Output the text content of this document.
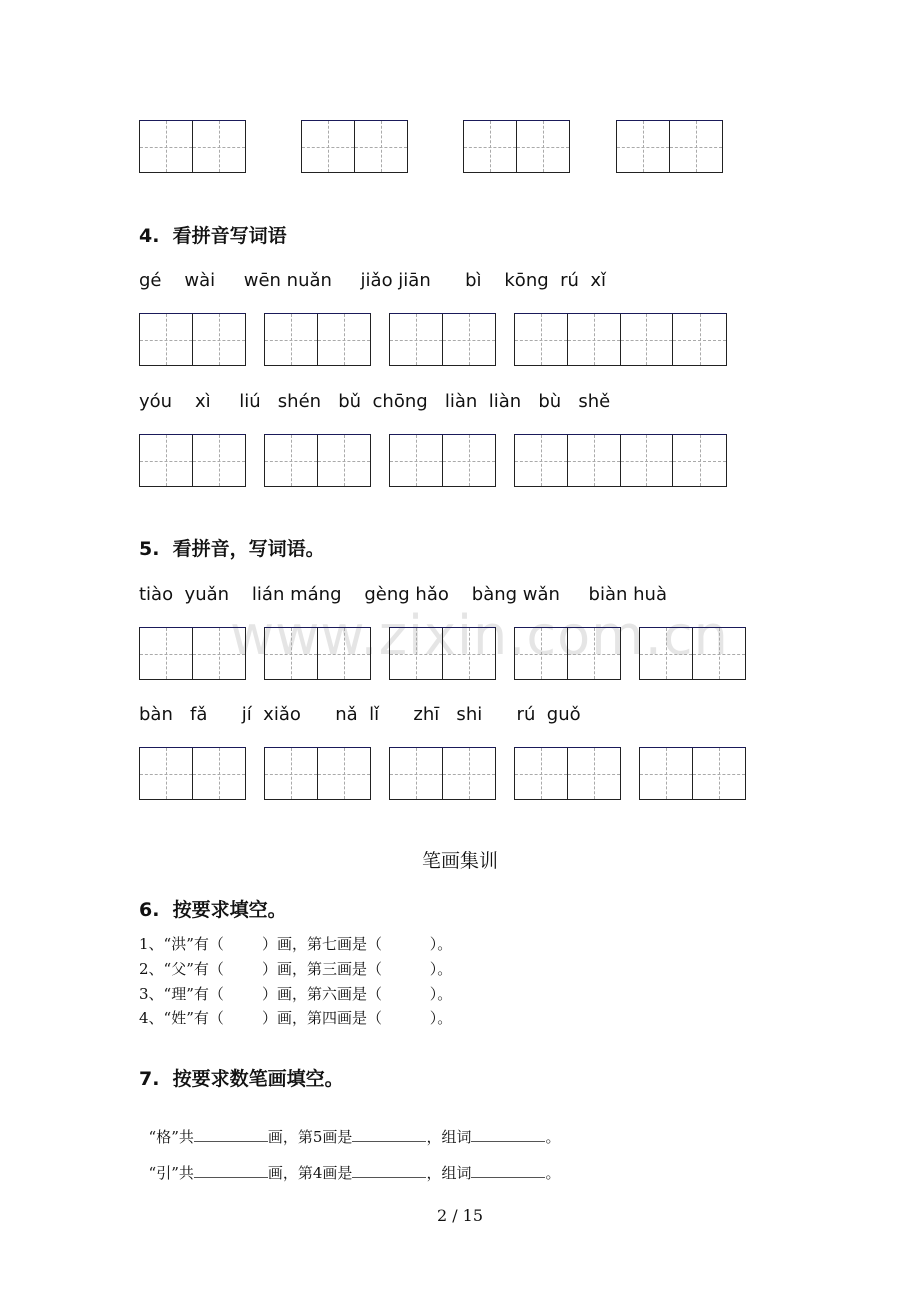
www.zixin.com.cn
4.  看拼音写词语
gé    wài     wēn nuǎn     jiǎo jiān      bì    kōng  rú  xǐ
yóu    xì     liú   shén   bǔ  chōng   liàn  liàn   bù   shě
5.  看拼音，写词语。
tiào  yuǎn    lián máng    gèng hǎo    bàng wǎn     biàn huà
bàn   fǎ      jí  xiǎo      nǎ  lǐ      zhī   shi      rú  guǒ
笔画集训
6.  按要求填空。
1、“洪”有（        ）画，第七画是（          ）。
2、“父”有（        ）画，第三画是（          ）。
3、“理”有（        ）画，第六画是（          ）。
4、“姓”有（        ）画，第四画是（          ）。
7.  按要求数笔画填空。

“格”共	画，第5画是	，组词	。

“引”共	画，第4画是	，组词	。

2 / 15
